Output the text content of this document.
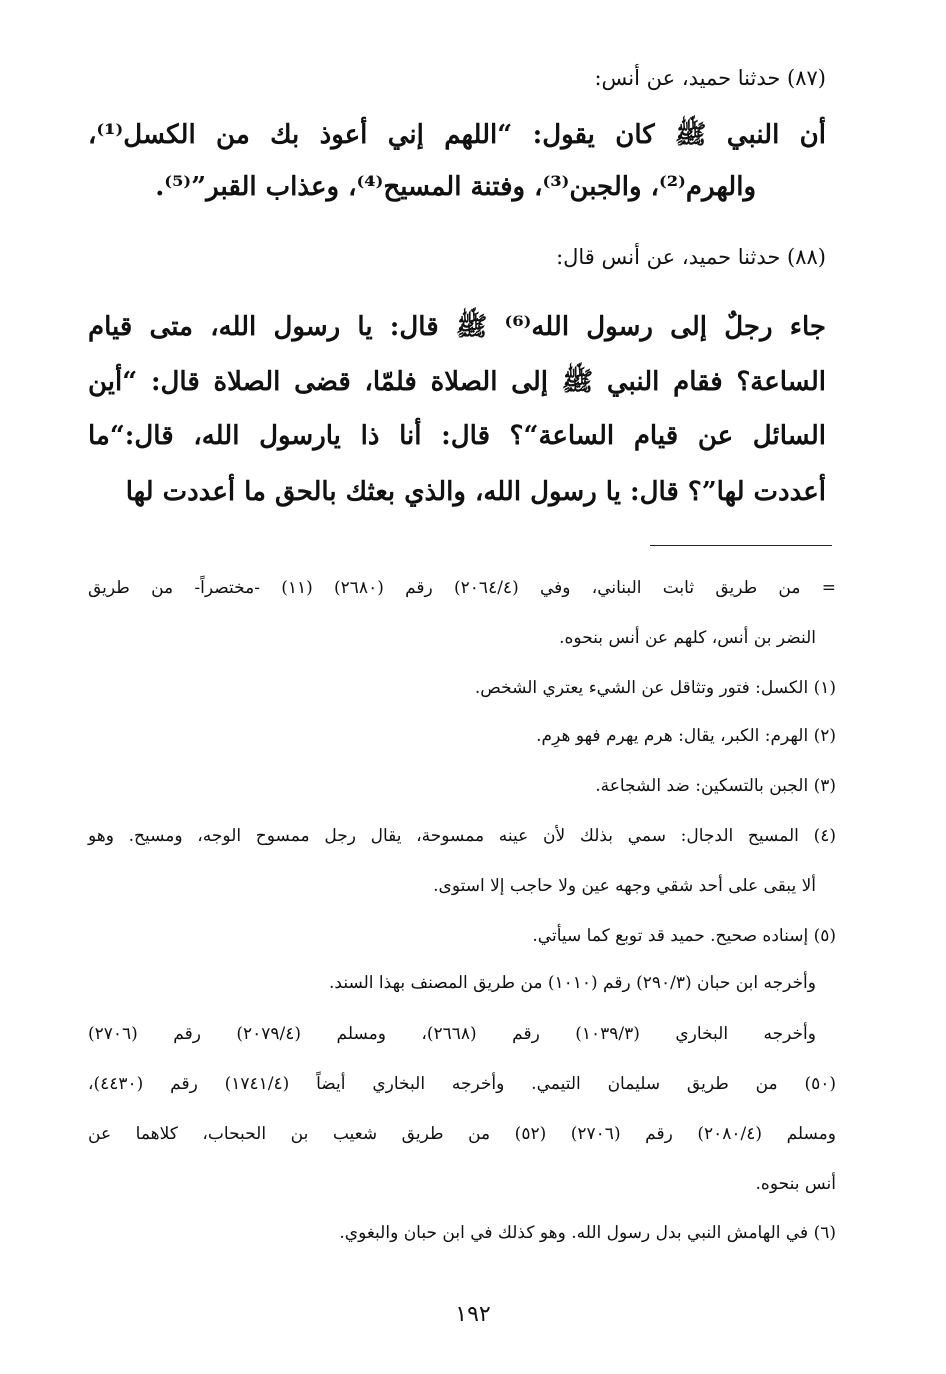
(٨٧) حدثنا حميد، عن أنس:
أن النبي ﷺ كان يقول: “اللهم إني أعوذ بك من الكسل⁽¹⁾،
والهرم⁽²⁾، والجبن⁽³⁾، وفتنة المسيح⁽⁴⁾، وعذاب القبر”⁽⁵⁾.
(٨٨) حدثنا حميد، عن أنس قال:
جاء رجلٌ إلى رسول الله⁽⁶⁾ ﷺ قال: يا رسول الله، متى قيام
الساعة؟ فقام النبي ﷺ إلى الصلاة فلمّا، قضى الصلاة قال: “أين
السائل عن قيام الساعة“؟ قال: أنا ذا يارسول الله، قال:“ما
أعددت لها”؟ قال: يا رسول الله، والذي بعثك بالحق ما أعددت لها
= من طريق ثابت البناني، وفي (٢٠٦٤/٤) رقم (٢٦٨٠) (١١) -مختصراً- من طريق
النضر بن أنس، كلهم عن أنس بنحوه.
(١) الكسل: فتور وتثاقل عن الشيء يعتري الشخص.
(٢) الهرم: الكبر، يقال: هرم يهرم فهو هرِم.
(٣) الجبن بالتسكين: ضد الشجاعة.
(٤) المسيح الدجال: سمي بذلك لأن عينه ممسوحة، يقال رجل ممسوح الوجه، ومسيح. وهو
ألا يبقى على أحد شقي وجهه عين ولا حاجب إلا استوى.
(٥) إسناده صحيح. حميد قد توبع كما سيأتي.
وأخرجه ابن حبان (٢٩٠/٣) رقم (١٠١٠) من طريق المصنف بهذا السند.
وأخرجه البخاري (١٠٣٩/٣) رقم (٢٦٦٨)، ومسلم (٢٠٧٩/٤) رقم (٢٧٠٦)
(٥٠) من طريق سليمان التيمي. وأخرجه البخاري أيضاً (١٧٤١/٤) رقم (٤٤٣٠)،
ومسلم (٢٠٨٠/٤) رقم (٢٧٠٦) (٥٢) من طريق شعيب بن الحبحاب، كلاهما عن
أنس بنحوه.
(٦) في الهامش النبي بدل رسول الله. وهو كذلك في ابن حبان والبغوي.
١٩٢
